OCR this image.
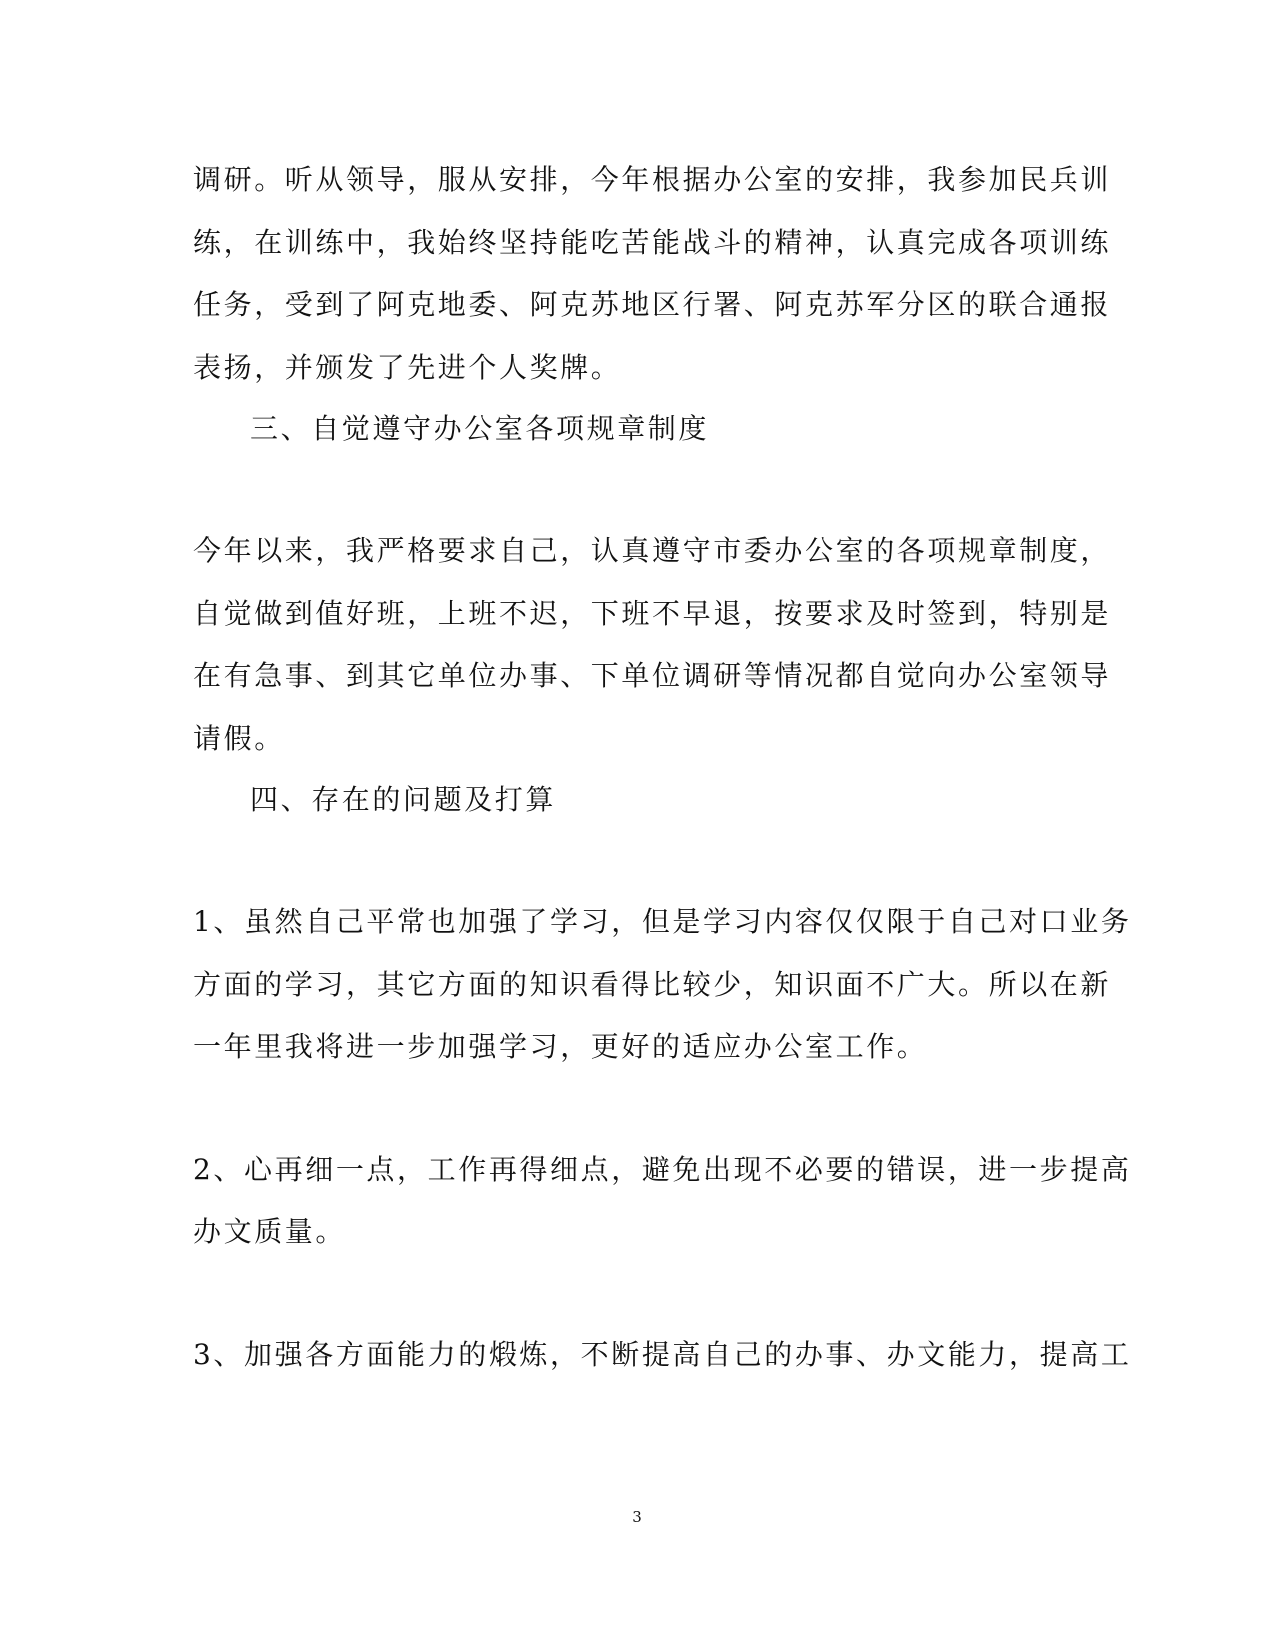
调研。听从领导，服从安排，今年根据办公室的安排，我参加民兵训
练，在训练中，我始终坚持能吃苦能战斗的精神，认真完成各项训练
任务，受到了阿克地委、阿克苏地区行署、阿克苏军分区的联合通报
表扬，并颁发了先进个人奖牌。
三、自觉遵守办公室各项规章制度
今年以来，我严格要求自己，认真遵守市委办公室的各项规章制度，
自觉做到值好班，上班不迟，下班不早退，按要求及时签到，特别是
在有急事、到其它单位办事、下单位调研等情况都自觉向办公室领导
请假。
四、存在的问题及打算
1、虽然自己平常也加强了学习，但是学习内容仅仅限于自己对口业务
方面的学习，其它方面的知识看得比较少，知识面不广大。所以在新
一年里我将进一步加强学习，更好的适应办公室工作。
2、心再细一点，工作再得细点，避免出现不必要的错误，进一步提高
办文质量。
3、加强各方面能力的煅炼，不断提高自己的办事、办文能力，提高工
3
